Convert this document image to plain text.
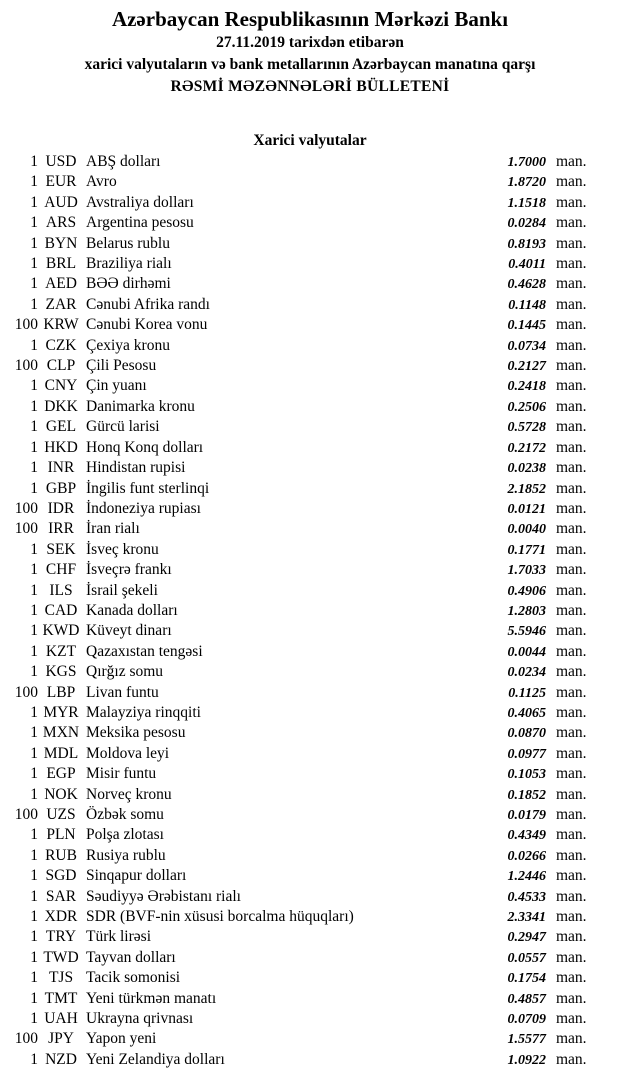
Azərbaycan Respublikasının Mərkəzi Bankı

27.11.2019 tarixdən etibarən

xarici valyutaların və bank metallarının Azərbaycan manatına qarşı

RƏSMİ MƏZƏNNƏLƏRİ BÜLLETENİ

Xarici valyutalar
1 USD ABŞ dolları	1.7000 man.
1 EUR Avro	1.8720 man.
1 AUD Avstraliya dolları	1.1518 man.
1 ARS Argentina pesosu	0.0284 man.
1 BYN Belarus rublu	0.8193 man.
1 BRL Braziliya rialı	0.4011 man.
1 AED BƏƏ dirhəmi	0.4628 man.
1 ZAR Cənubi Afrika randı	0.1148 man.
100 KRW Cənubi Korea vonu	0.1445 man.
1 CZK Çexiya kronu	0.0734 man.
100 CLP Çili Pesosu	0.2127 man.
1 CNY Çin yuanı	0.2418 man.
1 DKK Danimarka kronu	0.2506 man.
1 GEL Gürcü larisi	0.5728 man.
1 HKD Honq Konq dolları	0.2172 man.
1 INR Hindistan rupisi	0.0238 man.
1 GBP İngilis funt sterlinqi	2.1852 man.
100 IDR İndoneziya rupiası	0.0121 man.
100 IRR İran rialı	0.0040 man.
1 SEK İsveç kronu	0.1771 man.
1 CHF İsveçrə frankı	1.7033 man.
1 ILS İsrail şekeli	0.4906 man.
1 CAD Kanada dolları	1.2803 man.
1 KWD Küveyt dinarı	5.5946 man.
1 KZT Qazaxıstan tengəsi	0.0044 man.
1 KGS Qırğız somu	0.0234 man.
100 LBP Livan funtu	0.1125 man.
1 MYR Malayziya rinqqiti	0.4065 man.
1 MXN Meksika pesosu	0.0870 man.
1 MDL Moldova leyi	0.0977 man.
1 EGP Misir funtu	0.1053 man.
1 NOK Norveç kronu	0.1852 man.
100 UZS Özbək somu	0.0179 man.
1 PLN Polşa zlotası	0.4349 man.
1 RUB Rusiya rublu	0.0266 man.
1 SGD Sinqapur dolları	1.2446 man.
1 SAR Səudiyyə Ərəbistanı rialı	0.4533 man.
1 XDR SDR (BVF-nin xüsusi borcalma hüquqları)	2.3341 man.
1 TRY Türk lirəsi	0.2947 man.
1 TWD Tayvan dolları	0.0557 man.
1 TJS Tacik somonisi	0.1754 man.
1 TMT Yeni türkmən manatı	0.4857 man.
1 UAH Ukrayna qrivnası	0.0709 man.
100 JPY Yapon yeni	1.5577 man.
1 NZD Yeni Zelandiya dolları	1.0922 man.
